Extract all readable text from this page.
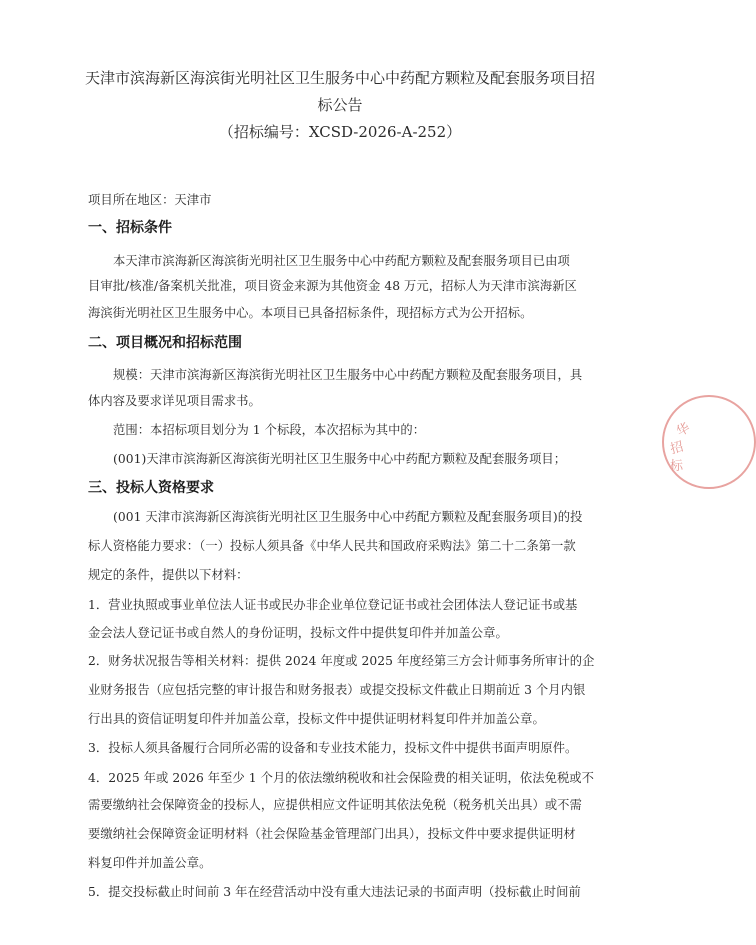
天津市滨海新区海滨街光明社区卫生服务中心中药配方颗粒及配套服务项目招
标公告
（招标编号：XCSD-2026-A-252）
项目所在地区：天津市
一、招标条件
本天津市滨海新区海滨街光明社区卫生服务中心中药配方颗粒及配套服务项目已由项
目审批/核准/备案机关批准，项目资金来源为其他资金 48 万元，招标人为天津市滨海新区
海滨街光明社区卫生服务中心。本项目已具备招标条件，现招标方式为公开招标。
二、项目概况和招标范围
规模：天津市滨海新区海滨街光明社区卫生服务中心中药配方颗粒及配套服务项目，具
体内容及要求详见项目需求书。
范围：本招标项目划分为 1 个标段，本次招标为其中的：
(001)天津市滨海新区海滨街光明社区卫生服务中心中药配方颗粒及配套服务项目；
三、投标人资格要求
(001 天津市滨海新区海滨街光明社区卫生服务中心中药配方颗粒及配套服务项目)的投
标人资格能力要求：（一）投标人须具备《中华人民共和国政府采购法》第二十二条第一款
规定的条件，提供以下材料：
1．营业执照或事业单位法人证书或民办非企业单位登记证书或社会团体法人登记证书或基
金会法人登记证书或自然人的身份证明，投标文件中提供复印件并加盖公章。
2．财务状况报告等相关材料：提供 2024 年度或 2025 年度经第三方会计师事务所审计的企
业财务报告（应包括完整的审计报告和财务报表）或提交投标文件截止日期前近 3 个月内银
行出具的资信证明复印件并加盖公章，投标文件中提供证明材料复印件并加盖公章。
3．投标人须具备履行合同所必需的设备和专业技术能力，投标文件中提供书面声明原件。
4．2025 年或 2026 年至少 1 个月的依法缴纳税收和社会保险费的相关证明，依法免税或不
需要缴纳社会保障资金的投标人，应提供相应文件证明其依法免税（税务机关出具）或不需
要缴纳社会保障资金证明材料（社会保险基金管理部门出具），投标文件中要求提供证明材
料复印件并加盖公章。
5．提交投标截止时间前 3 年在经营活动中没有重大违法记录的书面声明（投标截止时间前
华
招
标
